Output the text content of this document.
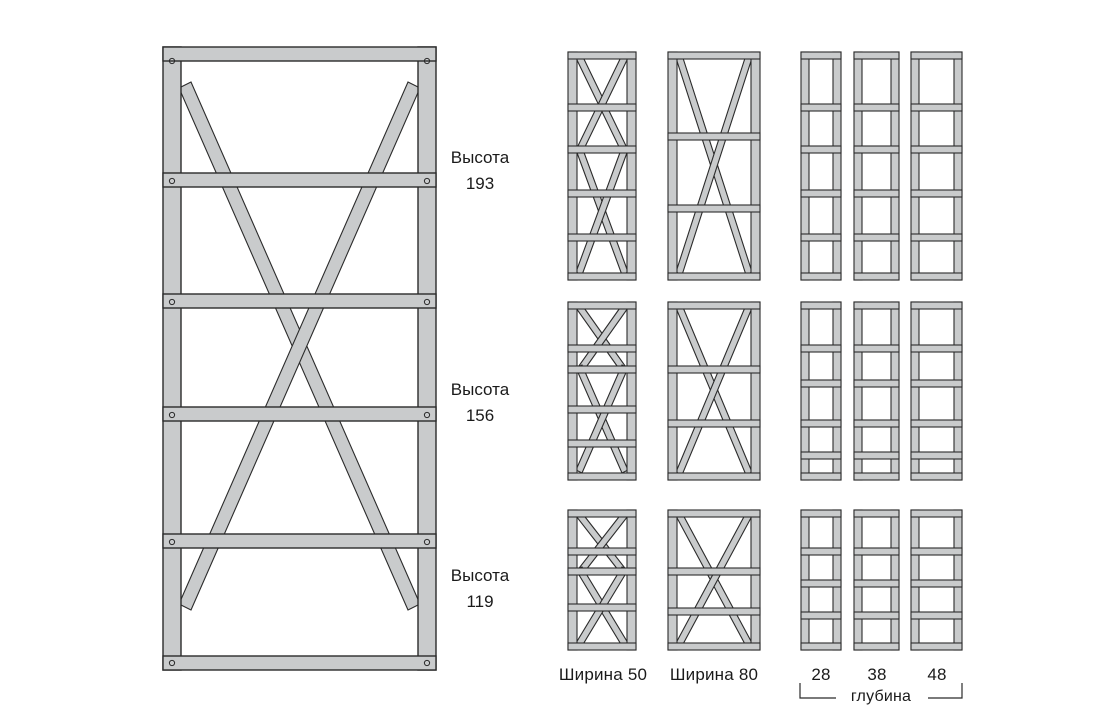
Высота
193
Высота
156
Высота
119
Ширина 50	Ширина 80	28	38	48
глубина
